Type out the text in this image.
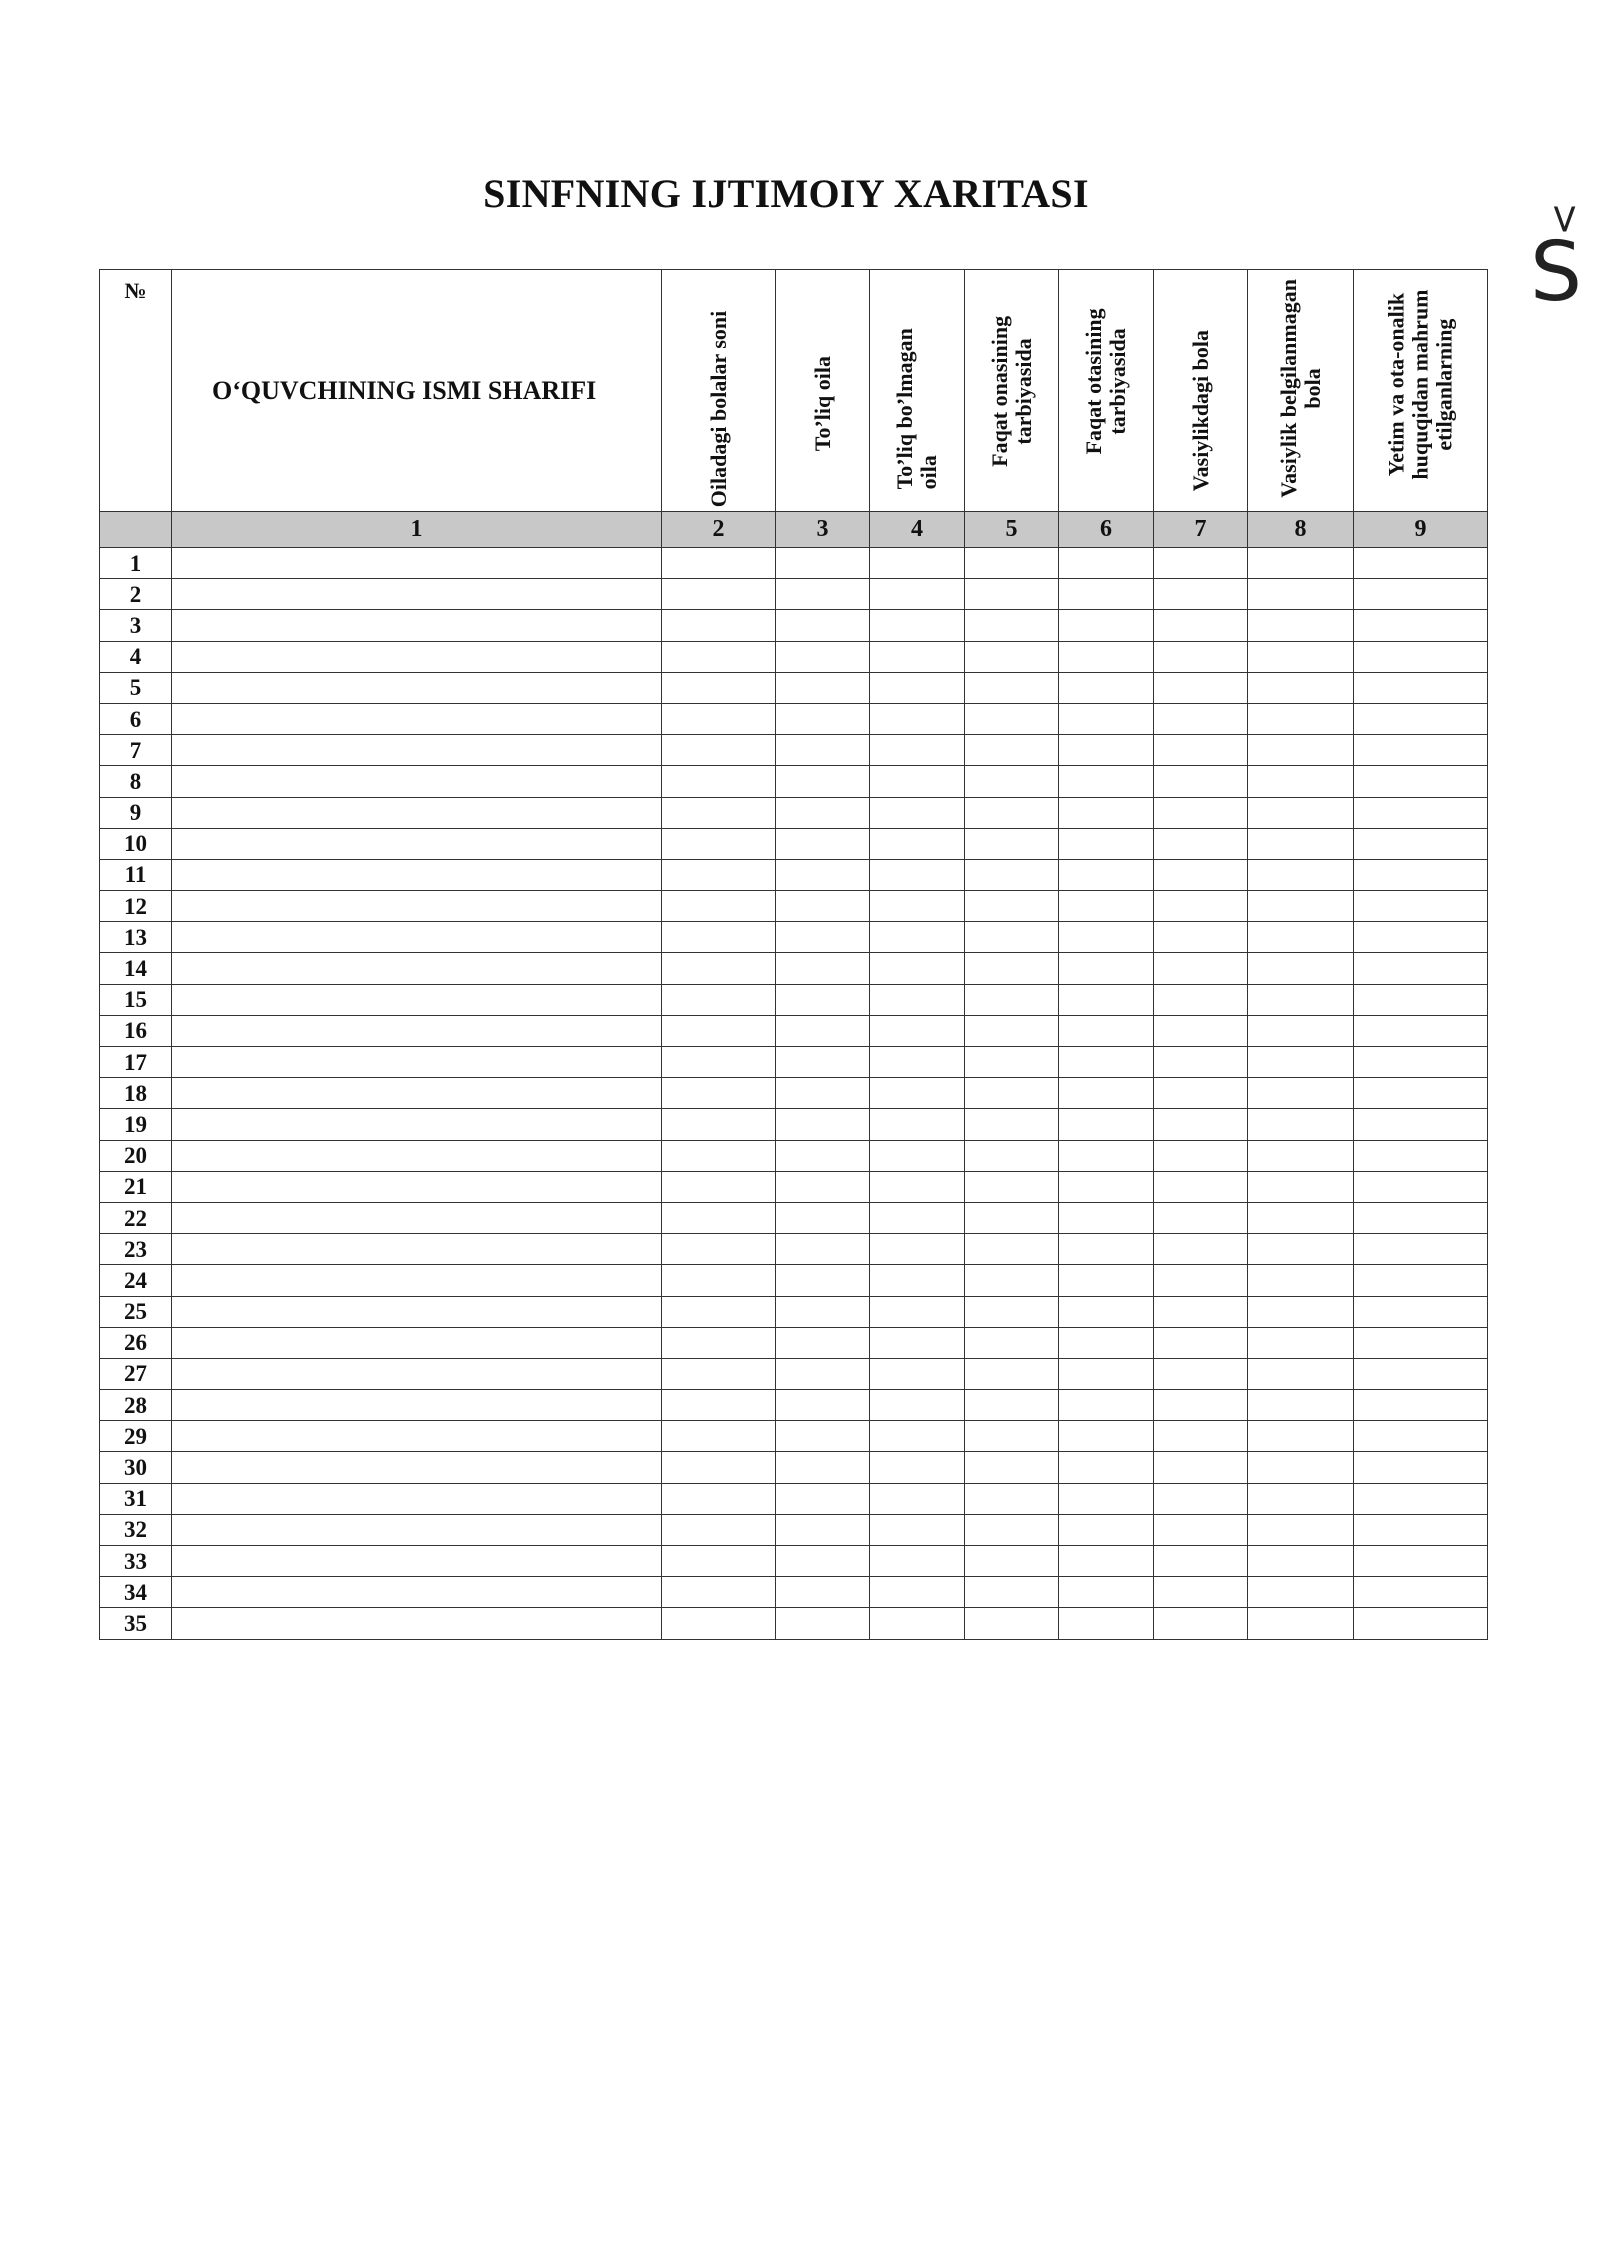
SINFNING IJTIMOIY XARITASI
>
S
№	O‘QUVCHINING ISMI SHARIFI	Oiladagi bolalar soni	To’liq oila	To’liq bo’lmagan oila	Faqat onasining tarbiyasida	Faqat otasining tarbiyasida	Vasiylikdagi bola	Vasiylik belgilanmagan bola	Yetim va ota-onalik huquqidan mahrum etilganlarning

	1	2	3	4	5	6	7	8	9
1									
2									
3									
4									
5									
6									
7									
8									
9									
10									
11									
12									
13									
14									
15									
16									
17									
18									
19									
20									
21									
22									
23									
24									
25									
26									
27									
28									
29									
30									
31									
32									
33									
34									
35									
